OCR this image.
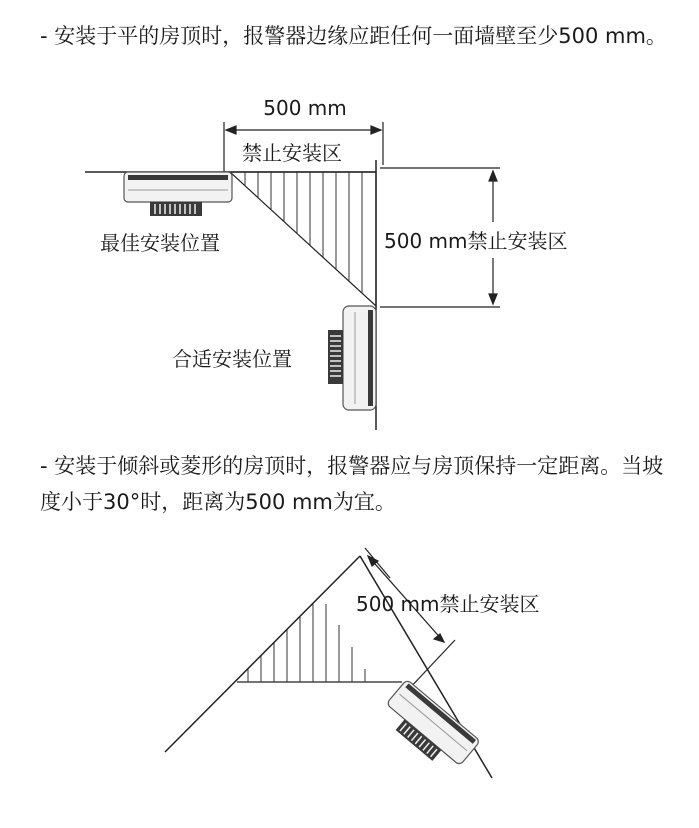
- 安装于平的房顶时，报警器边缘应距任何一面墙壁至少500 mm。

500 mm
禁止安装区
500 mm禁止安装区
最佳安装位置
合适安装位置

- 安装于倾斜或菱形的房顶时，报警器应与房顶保持一定距离。当坡度小于30°时，距离为500 mm为宜。

500 mm禁止安装区
